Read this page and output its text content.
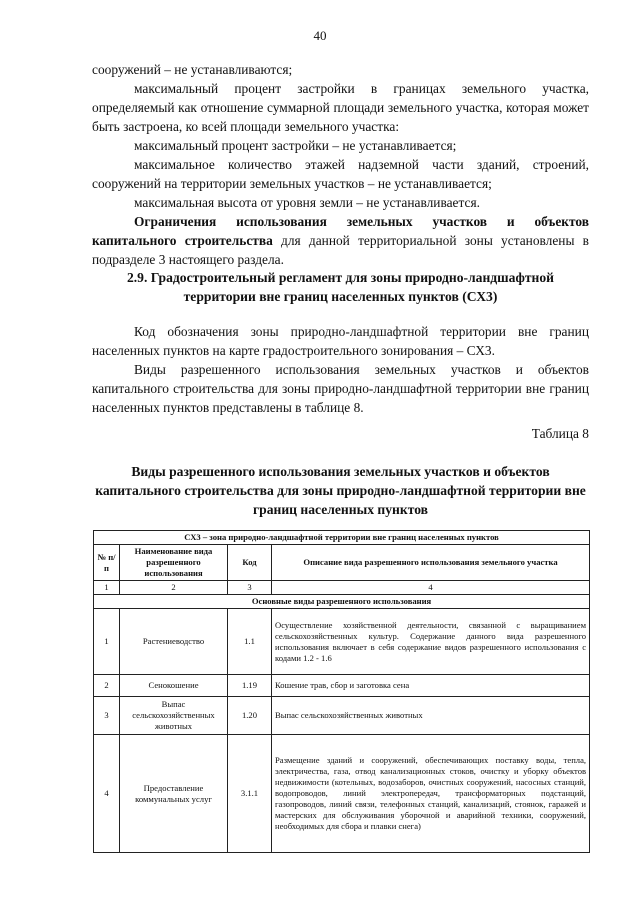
40

сооружений – не устанавливаются;

максимальный процент застройки в границах земельного участка, определяемый как отношение суммарной площади земельного участка, которая может быть застроена, ко всей площади земельного участка:

максимальный процент застройки – не устанавливается;

максимальное количество этажей надземной части зданий, строений, сооружений на территории земельных участков – не устанавливается;

максимальная высота от уровня земли – не устанавливается.

Ограничения использования земельных участков и объектов капитального строительства для данной территориальной зоны установлены в подразделе 3 настоящего раздела.

2.9. Градостроительный регламент для зоны природно-ландшафтной территории вне границ населенных пунктов (СХ3)

Код обозначения зоны природно-ландшафтной территории вне границ населенных пунктов на карте градостроительного зонирования – СХ3.

Виды разрешенного использования земельных участков и объектов капитального строительства для зоны природно-ландшафтной территории вне границ населенных пунктов представлены в таблице 8.

Таблица 8
Виды разрешенного использования земельных участков и объектов капитального строительства для зоны природно-ландшафтной территории вне границ населенных пунктов
СХ3 – зона природно-ландшафтной территории вне границ населенных пунктов			
№ п/п	Наименование вида разрешенного использования	Код	Описание вида разрешенного использования земельного участка
1	2	3	4
Основные виды разрешенного использования			
1	Растениеводство	1.1	Осуществление хозяйственной деятельности, связанной с выращиванием сельскохозяйственных культур. Содержание данного вида разрешенного использования включает в себя содержание видов разрешенного использования с кодами 1.2 - 1.6
2	Сенокошение	1.19	Кошение трав, сбор и заготовка сена
3	Выпас сельскохозяйственных животных	1.20	Выпас сельскохозяйственных животных
4	Предоставление коммунальных услуг	3.1.1	Размещение зданий и сооружений, обеспечивающих поставку воды, тепла, электричества, газа, отвод канализационных стоков, очистку и уборку объектов недвижимости (котельных, водозаборов, очистных сооружений, насосных станций, водопроводов, линий электропередач, трансформаторных подстанций, газопроводов, линий связи, телефонных станций, канализаций, стоянок, гаражей и мастерских для обслуживания уборочной и аварийной техники, сооружений, необходимых для сбора и плавки снега)
